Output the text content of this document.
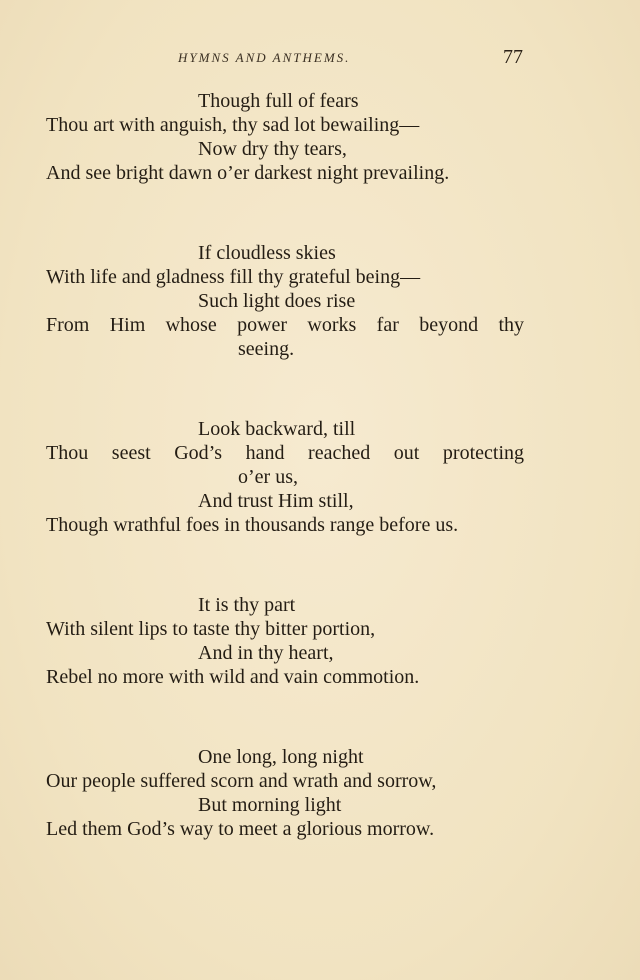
HYMNS AND ANTHEMS.	77
Though full of fears
Thou art with anguish, thy sad lot bewailing—
Now dry thy tears,
And see bright dawn o’er darkest night prevailing.
If cloudless skies
With life and gladness fill thy grateful being—
Such light does rise
From Him whose power works far beyond thy
seeing.
Look backward, till
Thou seest God’s hand reached out protecting
o’er us,
And trust Him still,
Though wrathful foes in thousands range before us.
It is thy part
With silent lips to taste thy bitter portion,
And in thy heart,
Rebel no more with wild and vain commotion.
One long, long night
Our people suffered scorn and wrath and sorrow,
But morning light
Led them God’s way to meet a glorious morrow.
